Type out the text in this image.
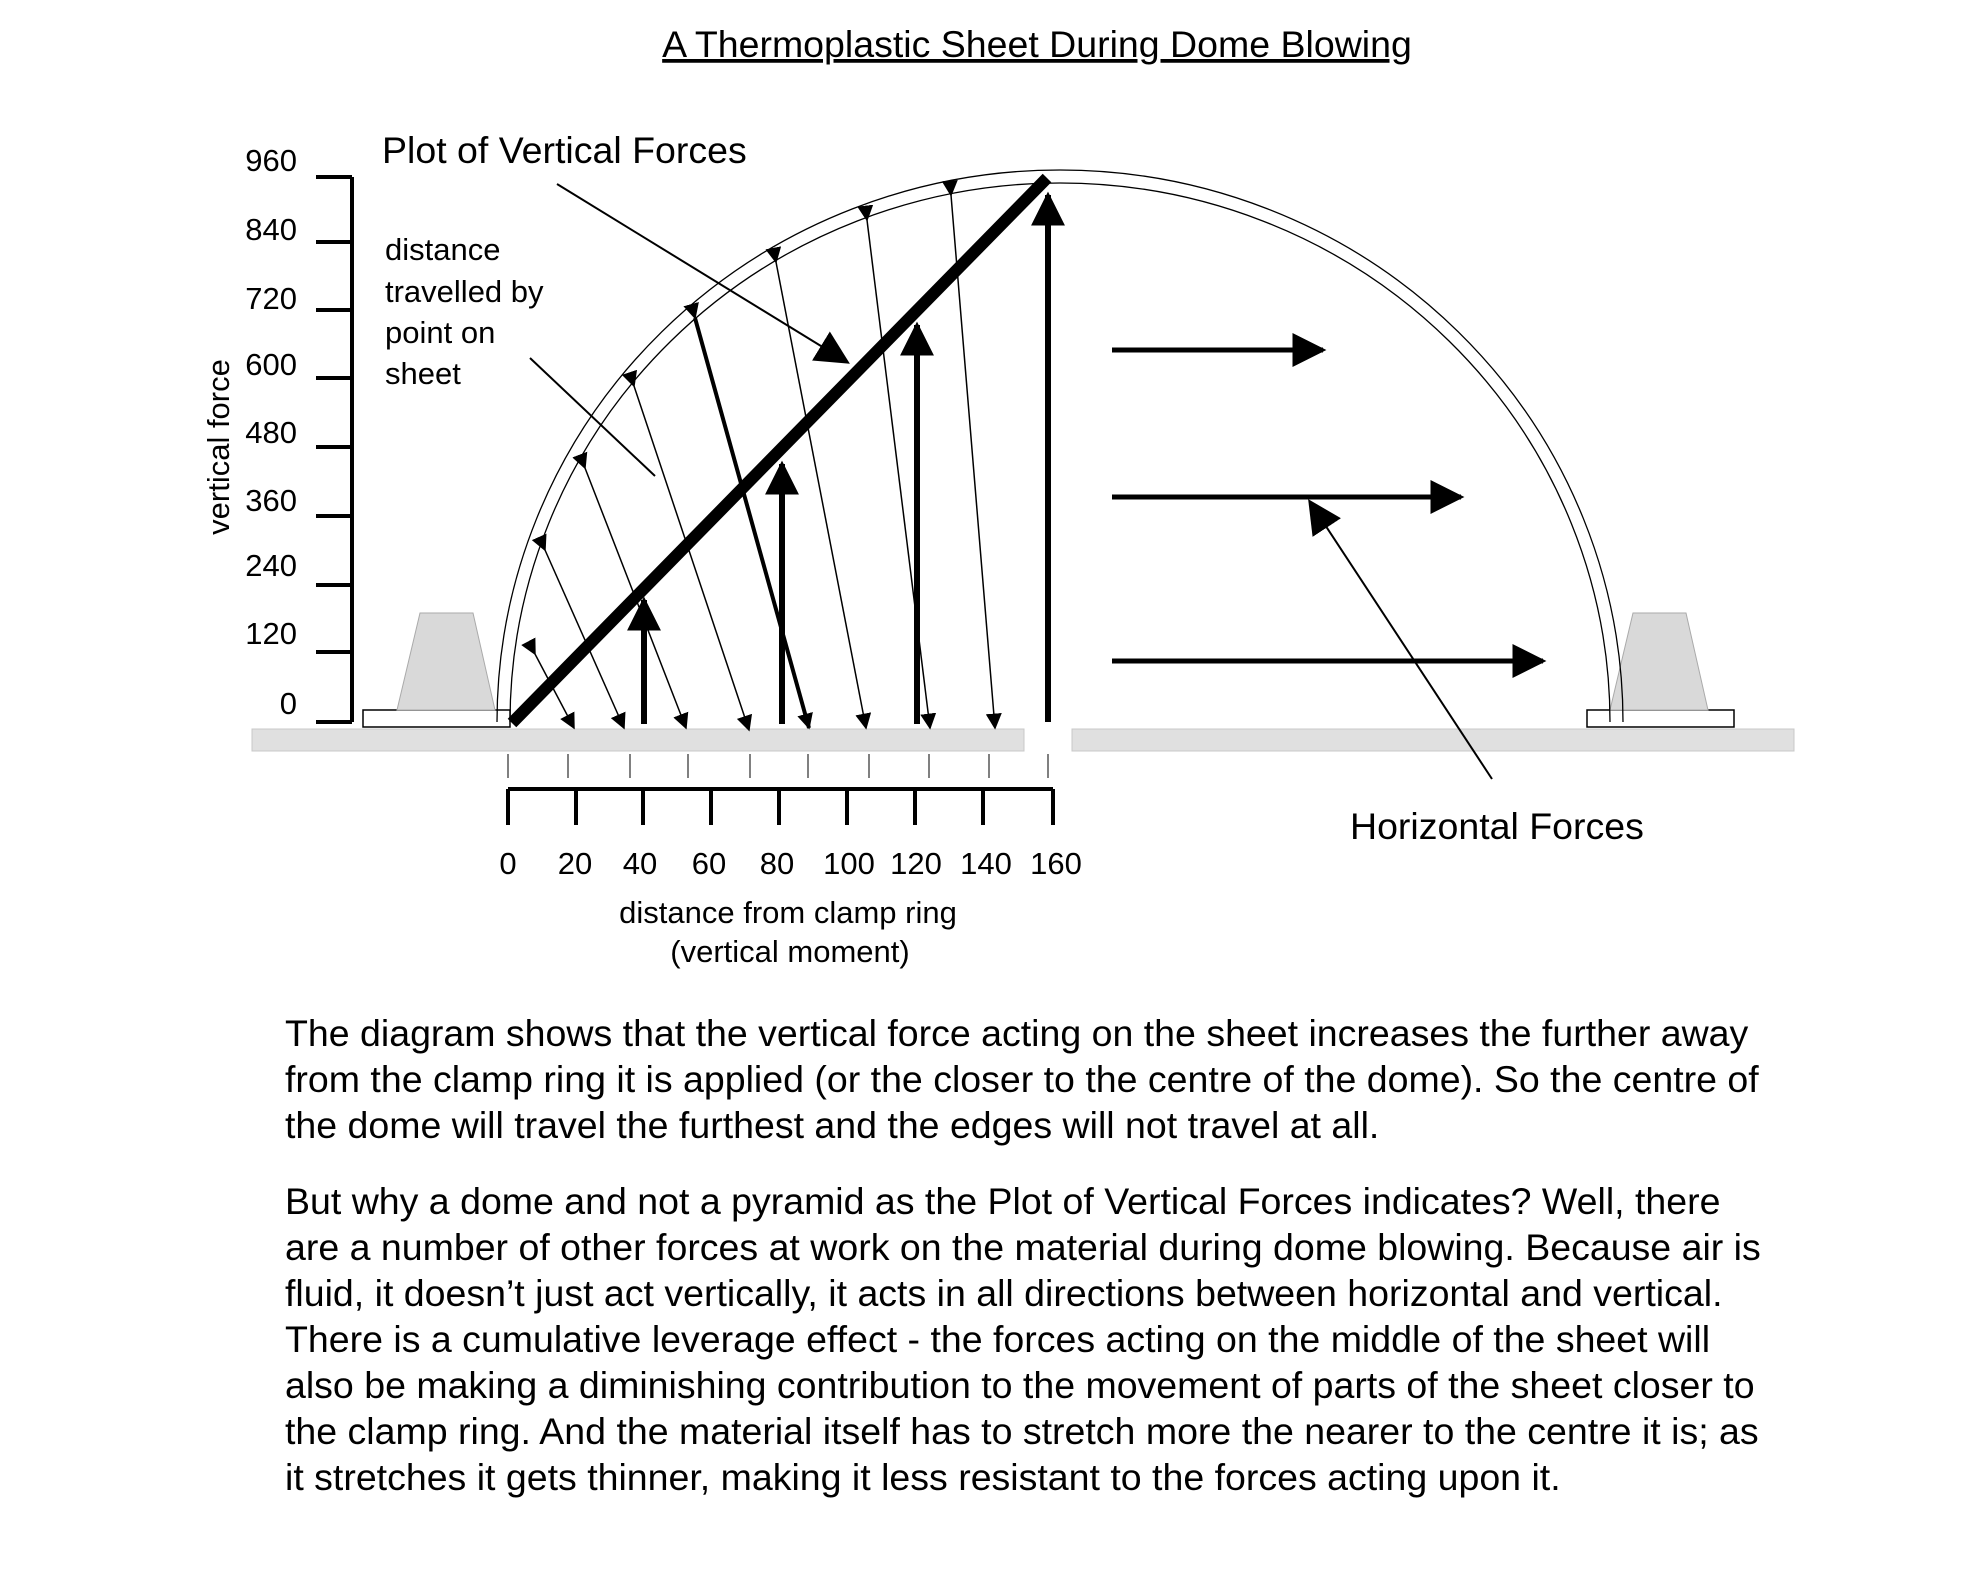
A Thermoplastic Sheet During Dome Blowing
960
840
720
600
480
360
240
120
0
vertical force
0 20 40 60 80 100 120 140 160
distance from clamp ring
(vertical moment)
Plot of Vertical Forces
distance travelled by point on sheet
Horizontal Forces

The diagram shows that the vertical force acting on the sheet increases the further away from the clamp ring it is applied (or the closer to the centre of the dome). So the centre of the dome will travel the furthest and the edges will not travel at all.

But why a dome and not a pyramid as the Plot of Vertical Forces indicates? Well, there are a number of other forces at work on the material during dome blowing. Because air is fluid, it doesn’t just act vertically, it acts in all directions between horizontal and vertical. There is a cumulative leverage effect - the forces acting on the middle of the sheet will also be making a diminishing contribution to the movement of parts of the sheet closer to the clamp ring. And the material itself has to stretch more the nearer to the centre it is; as it stretches it gets thinner, making it less resistant to the forces acting upon it.
